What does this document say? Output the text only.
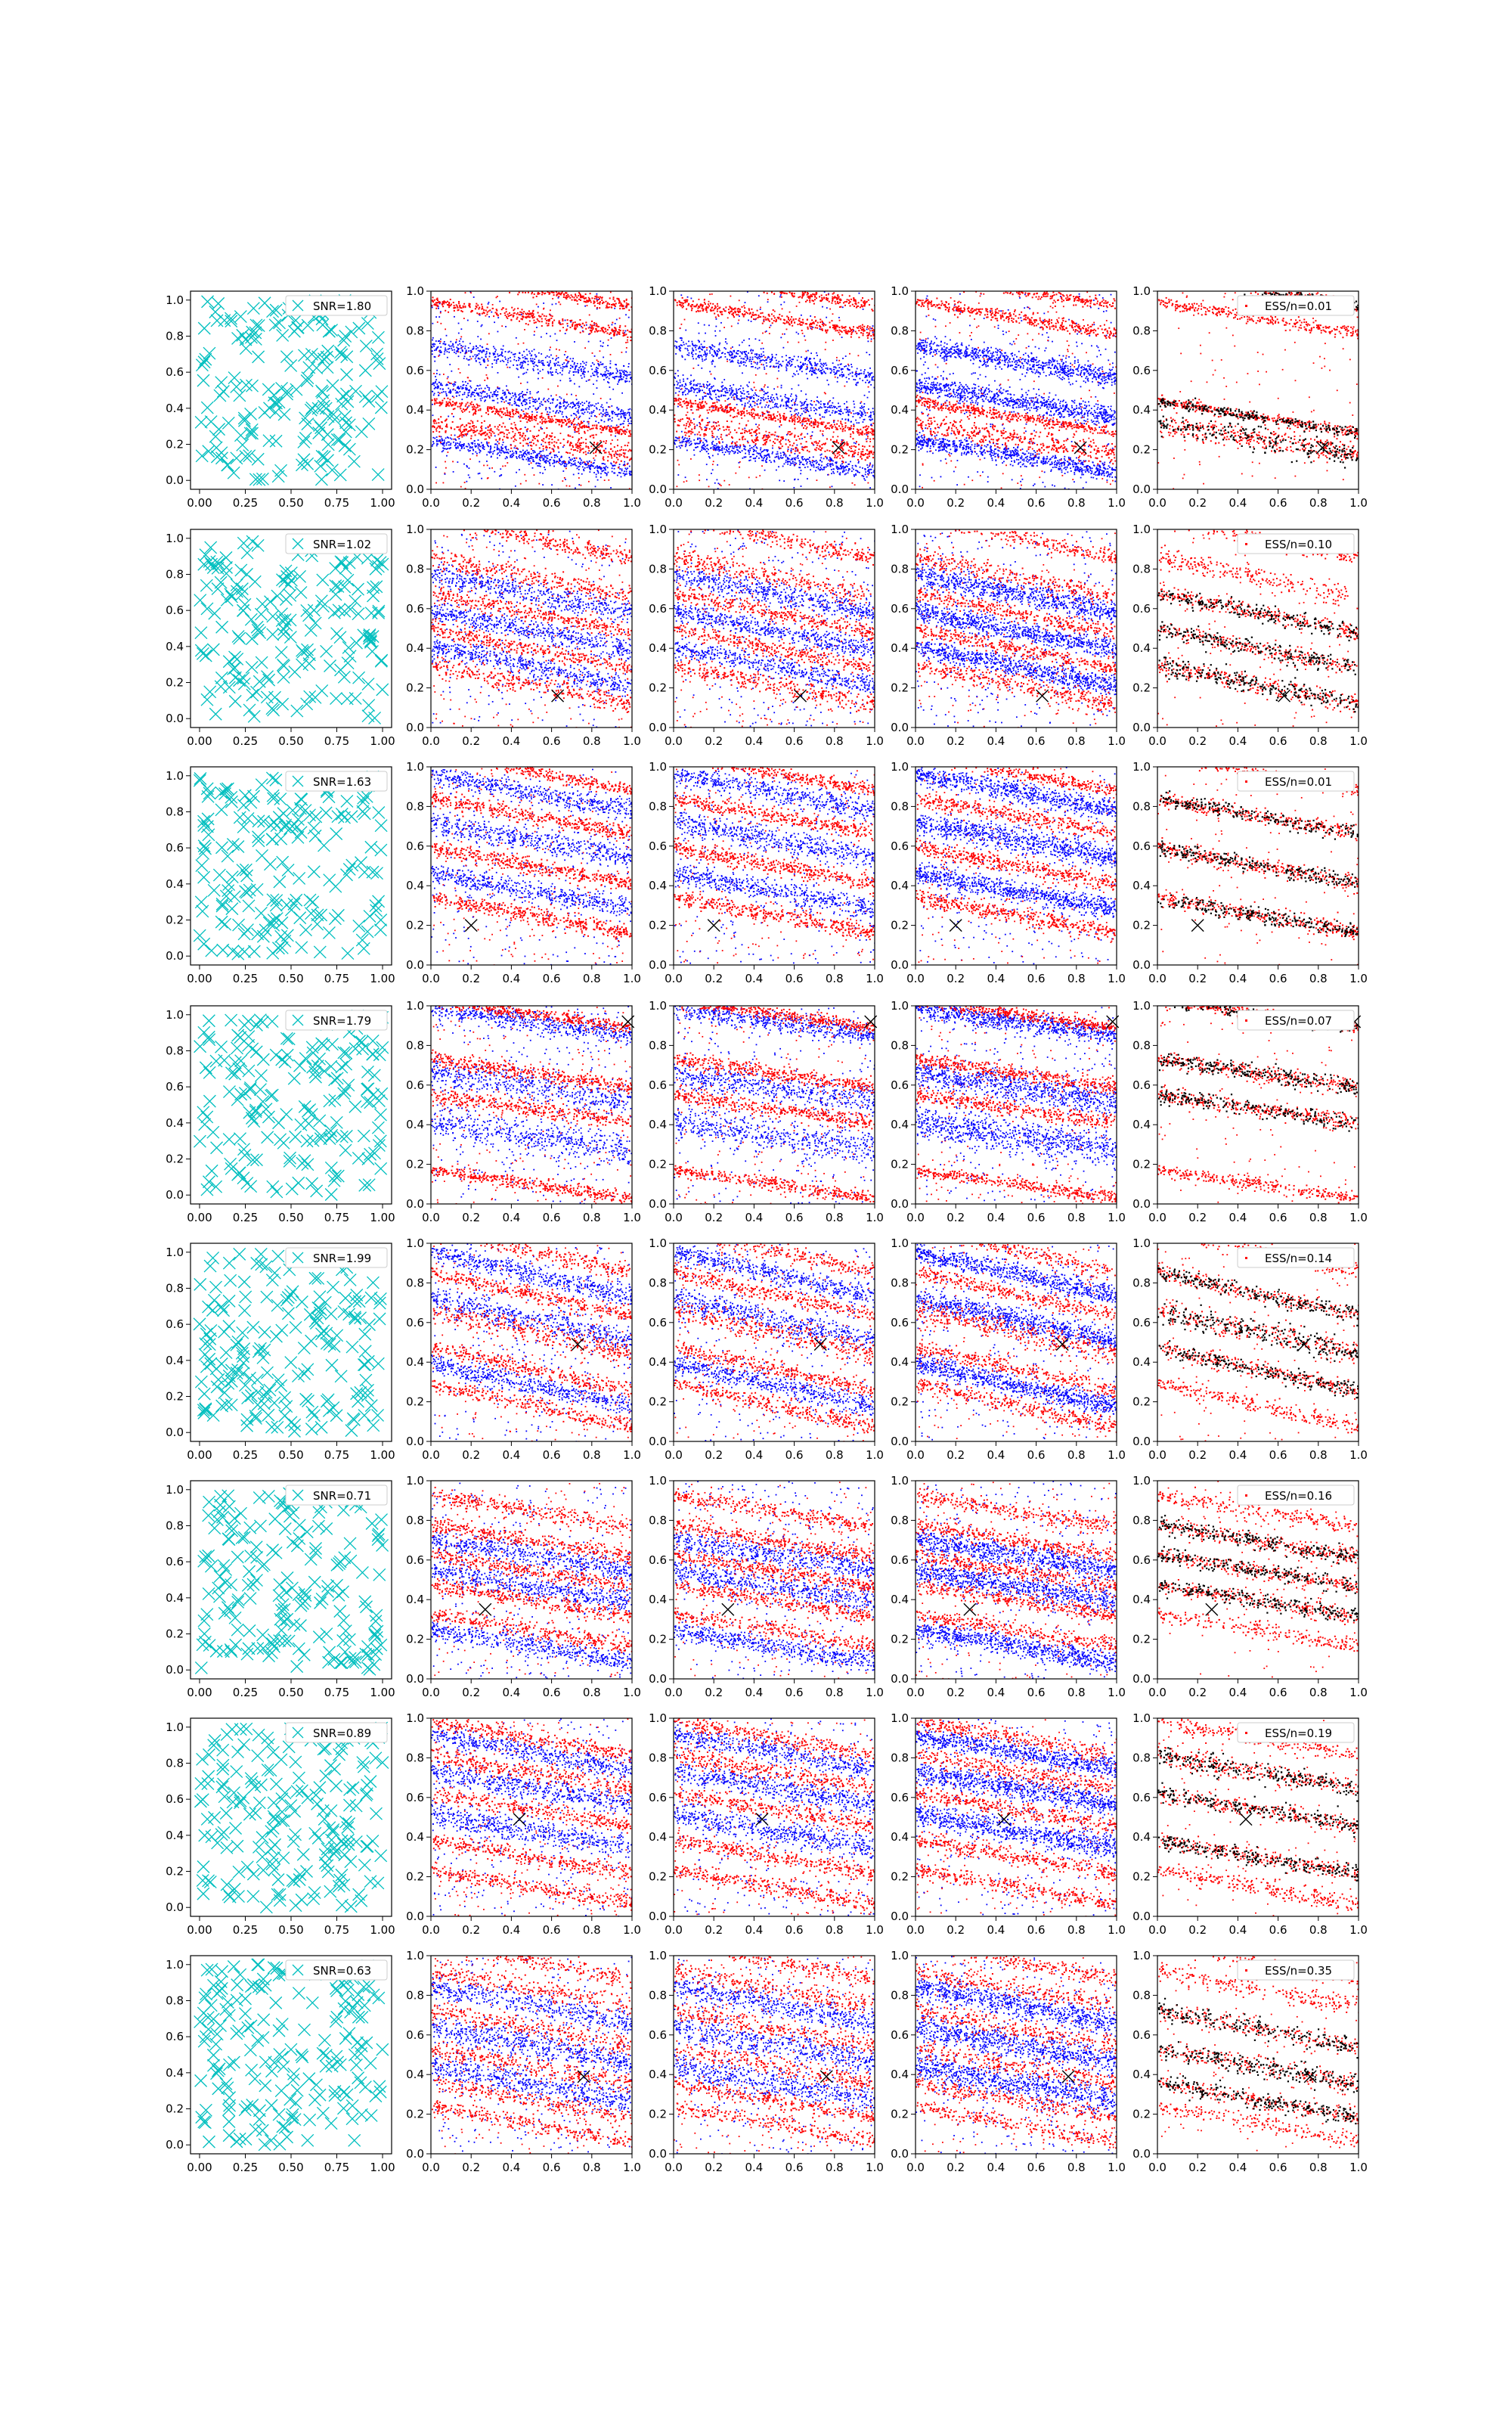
0.00 0.25 0.50 0.75 1.00
0.0
0.2
0.4
0.6
0.8
1.0	SNR=1.80
0.0 0.2 0.4 0.6 0.8 1.0
0.0
0.2
0.4
0.6
0.8
1.0
0.0 0.2 0.4 0.6 0.8 1.0
0.0
0.2
0.4
0.6
0.8
1.0
0.0 0.2 0.4 0.6 0.8 1.0
0.0
0.2
0.4
0.6
0.8
1.0
0.0 0.2 0.4 0.6 0.8 1.0
0.0
0.2
0.4
0.6
0.8
1.0
ESS/n=0.01
0.00 0.25 0.50 0.75 1.00
0.0
0.2
0.4
0.6
0.8
1.0	SNR=1.02
0.0 0.2 0.4 0.6 0.8 1.0
0.0
0.2
0.4
0.6
0.8
1.0
0.0 0.2 0.4 0.6 0.8 1.0
0.0
0.2
0.4
0.6
0.8
1.0
0.0 0.2 0.4 0.6 0.8 1.0
0.0
0.2
0.4
0.6
0.8
1.0
0.0 0.2 0.4 0.6 0.8 1.0
0.0
0.2
0.4
0.6
0.8
1.0
ESS/n=0.10
0.00 0.25 0.50 0.75 1.00
0.0
0.2
0.4
0.6
0.8
1.0	SNR=1.63
0.0 0.2 0.4 0.6 0.8 1.0
0.0
0.2
0.4
0.6
0.8
1.0
0.0 0.2 0.4 0.6 0.8 1.0
0.0
0.2
0.4
0.6
0.8
1.0
0.0 0.2 0.4 0.6 0.8 1.0
0.0
0.2
0.4
0.6
0.8
1.0
0.0 0.2 0.4 0.6 0.8 1.0
0.0
0.2
0.4
0.6
0.8
1.0
ESS/n=0.01
0.00 0.25 0.50 0.75 1.00
0.0
0.2
0.4
0.6
0.8
1.0	SNR=1.79
0.0 0.2 0.4 0.6 0.8 1.0
0.0
0.2
0.4
0.6
0.8
1.0
0.0 0.2 0.4 0.6 0.8 1.0
0.0
0.2
0.4
0.6
0.8
1.0
0.0 0.2 0.4 0.6 0.8 1.0
0.0
0.2
0.4
0.6
0.8
1.0
0.0 0.2 0.4 0.6 0.8 1.0
0.0
0.2
0.4
0.6
0.8
1.0
ESS/n=0.07
0.00 0.25 0.50 0.75 1.00
0.0
0.2
0.4
0.6
0.8
1.0	SNR=1.99
0.0 0.2 0.4 0.6 0.8 1.0
0.0
0.2
0.4
0.6
0.8
1.0
0.0 0.2 0.4 0.6 0.8 1.0
0.0
0.2
0.4
0.6
0.8
1.0
0.0 0.2 0.4 0.6 0.8 1.0
0.0
0.2
0.4
0.6
0.8
1.0
0.0 0.2 0.4 0.6 0.8 1.0
0.0
0.2
0.4
0.6
0.8
1.0
ESS/n=0.14
0.00 0.25 0.50 0.75 1.00
0.0
0.2
0.4
0.6
0.8
1.0	SNR=0.71
0.0 0.2 0.4 0.6 0.8 1.0
0.0
0.2
0.4
0.6
0.8
1.0
0.0 0.2 0.4 0.6 0.8 1.0
0.0
0.2
0.4
0.6
0.8
1.0
0.0 0.2 0.4 0.6 0.8 1.0
0.0
0.2
0.4
0.6
0.8
1.0
0.0 0.2 0.4 0.6 0.8 1.0
0.0
0.2
0.4
0.6
0.8
1.0
ESS/n=0.16
0.00 0.25 0.50 0.75 1.00
0.0
0.2
0.4
0.6
0.8
1.0	SNR=0.89
0.0 0.2 0.4 0.6 0.8 1.0
0.0
0.2
0.4
0.6
0.8
1.0
0.0 0.2 0.4 0.6 0.8 1.0
0.0
0.2
0.4
0.6
0.8
1.0
0.0 0.2 0.4 0.6 0.8 1.0
0.0
0.2
0.4
0.6
0.8
1.0
0.0 0.2 0.4 0.6 0.8 1.0
0.0
0.2
0.4
0.6
0.8
1.0
ESS/n=0.19
0.00 0.25 0.50 0.75 1.00
0.0
0.2
0.4
0.6
0.8
1.0	SNR=0.63
0.0 0.2 0.4 0.6 0.8 1.0
0.0
0.2
0.4
0.6
0.8
1.0
0.0 0.2 0.4 0.6 0.8 1.0
0.0
0.2
0.4
0.6
0.8
1.0
0.0 0.2 0.4 0.6 0.8 1.0
0.0
0.2
0.4
0.6
0.8
1.0
0.0 0.2 0.4 0.6 0.8 1.0
0.0
0.2
0.4
0.6
0.8
1.0
ESS/n=0.35
